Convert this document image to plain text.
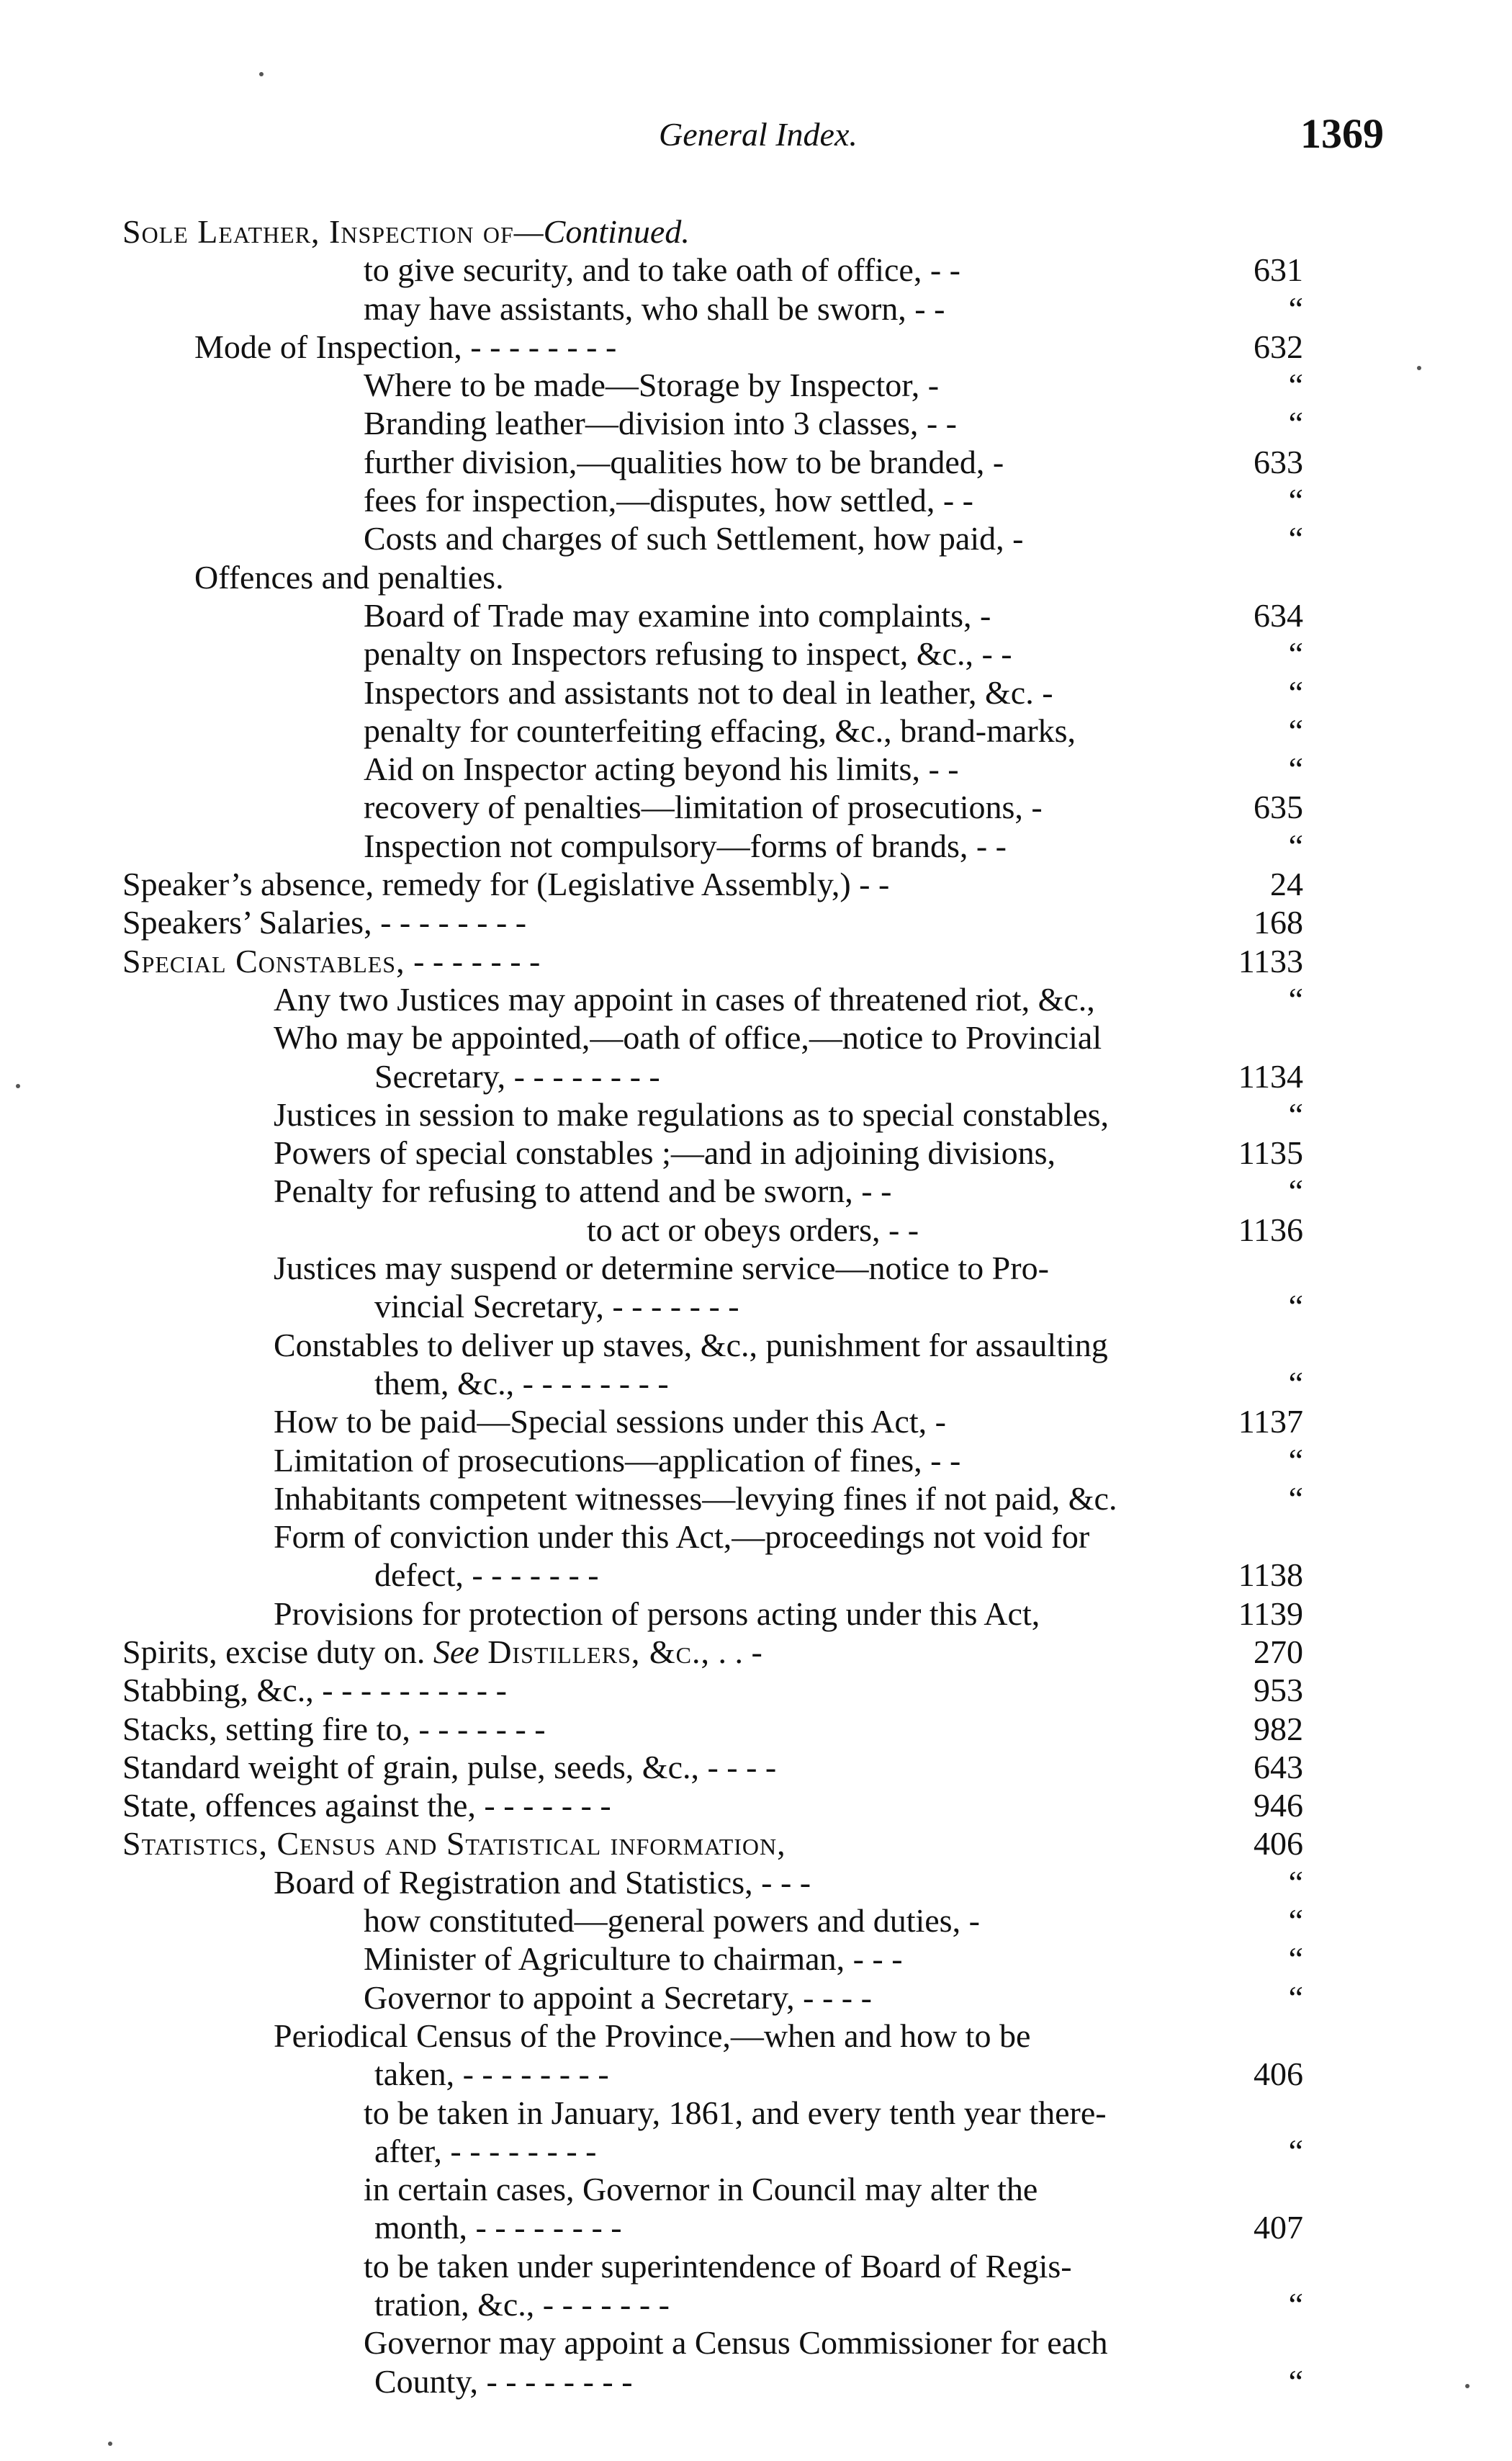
General Index.	1369
Sole Leather, Inspection of—Continued.
to give security, and to take oath of office, - -	631
may have assistants, who shall be sworn, - -	“
Mode of Inspection, - - - - - - - -	632
Where to be made—Storage by Inspector, -	“
Branding leather—division into 3 classes, - -	“
further division,—qualities how to be branded, -	633
fees for inspection,—disputes, how settled, - -	“
Costs and charges of such Settlement, how paid, -	“
Offences and penalties.
Board of Trade may examine into complaints, -	634
penalty on Inspectors refusing to inspect, &c., - -	“
Inspectors and assistants not to deal in leather, &c. -	“
penalty for counterfeiting effacing, &c., brand-marks,	“
Aid on Inspector acting beyond his limits, - -	“
recovery of penalties—limitation of prosecutions, -	635
Inspection not compulsory—forms of brands, - -	“
Speaker’s absence, remedy for (Legislative Assembly,) - -	24
Speakers’ Salaries, - - - - - - - -	168
Special Constables, - - - - - - -	1133
Any two Justices may appoint in cases of threatened riot, &c.,	“
Who may be appointed,—oath of office,—notice to Provincial
Secretary, - - - - - - - -	1134
Justices in session to make regulations as to special constables,	“
Powers of special constables ;—and in adjoining divisions,	1135
Penalty for refusing to attend and be sworn, - -	“
to act or obeys orders, - -	1136
Justices may suspend or determine service—notice to Pro-
vincial Secretary, - - - - - - -	“
Constables to deliver up staves, &c., punishment for assaulting
them, &c., - - - - - - - -	“
How to be paid—Special sessions under this Act, -	1137
Limitation of prosecutions—application of fines, - -	“
Inhabitants competent witnesses—levying fines if not paid, &c.	“
Form of conviction under this Act,—proceedings not void for
defect, - - - - - - -	1138
Provisions for protection of persons acting under this Act,	1139
Spirits, excise duty on. See Distillers, &c., . . -	270
Stabbing, &c., - - - - - - - - - -	953
Stacks, setting fire to, - - - - - - -	982
Standard weight of grain, pulse, seeds, &c., - - - -	643
State, offences against the, - - - - - - -	946
Statistics, Census and Statistical information,	406
Board of Registration and Statistics, - - -	“
how constituted—general powers and duties, -	“
Minister of Agriculture to chairman, - - -	“
Governor to appoint a Secretary, - - - -	“
Periodical Census of the Province,—when and how to be
taken, - - - - - - - -	406
to be taken in January, 1861, and every tenth year there-
after, - - - - - - - -	“
in certain cases, Governor in Council may alter the
month, - - - - - - - -	407
to be taken under superintendence of Board of Regis-
tration, &c., - - - - - - -	“
Governor may appoint a Census Commissioner for each
County, - - - - - - - -	“
